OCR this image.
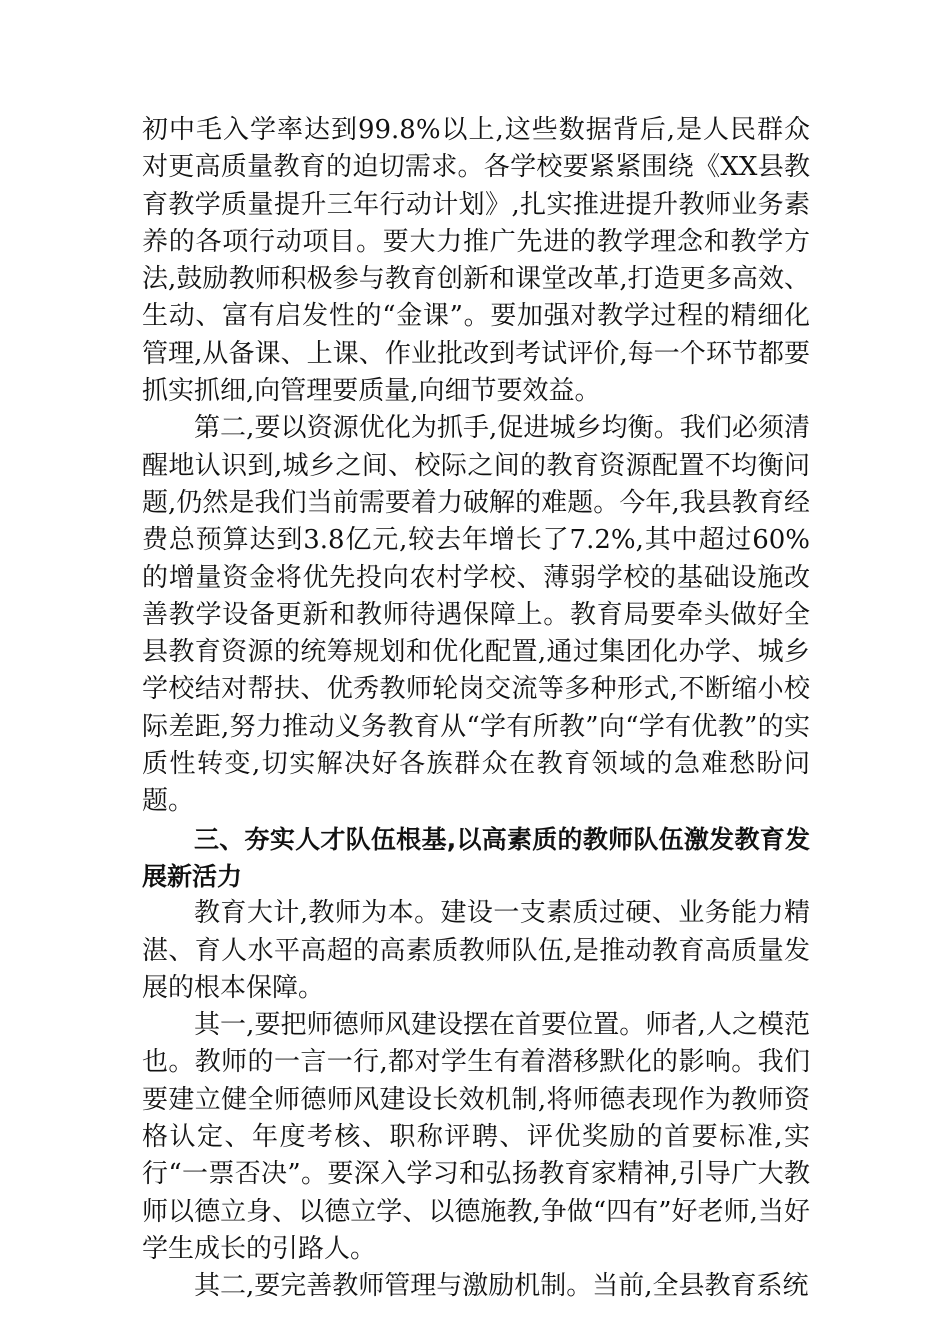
初中毛入学率达到99.8%以上,这些数据背后,是人民群众对更高质量教育的迫切需求。各学校要紧紧围绕《XX县教育教学质量提升三年行动计划》,扎实推进提升教师业务素养的各项行动项目。要大力推广先进的教学理念和教学方法,鼓励教师积极参与教育创新和课堂改革,打造更多高效、生动、富有启发性的“金课”。要加强对教学过程的精细化管理,从备课、上课、作业批改到考试评价,每一个环节都要抓实抓细,向管理要质量,向细节要效益。

第二,要以资源优化为抓手,促进城乡均衡。我们必须清醒地认识到,城乡之间、校际之间的教育资源配置不均衡问题,仍然是我们当前需要着力破解的难题。今年,我县教育经费总预算达到3.8亿元,较去年增长了7.2%,其中超过60%的增量资金将优先投向农村学校、薄弱学校的基础设施改善教学设备更新和教师待遇保障上。教育局要牵头做好全县教育资源的统筹规划和优化配置,通过集团化办学、城乡学校结对帮扶、优秀教师轮岗交流等多种形式,不断缩小校际差距,努力推动义务教育从“学有所教”向“学有优教”的实质性转变,切实解决好各族群众在教育领域的急难愁盼问题。

三、夯实人才队伍根基,以高素质的教师队伍激发教育发展新活力

教育大计,教师为本。建设一支素质过硬、业务能力精湛、育人水平高超的高素质教师队伍,是推动教育高质量发展的根本保障。

其一,要把师德师风建设摆在首要位置。师者,人之模范也。教师的一言一行,都对学生有着潜移默化的影响。我们要建立健全师德师风建设长效机制,将师德表现作为教师资格认定、年度考核、职称评聘、评优奖励的首要标准,实行“一票否决”。要深入学习和弘扬教育家精神,引导广大教师以德立身、以德立学、以德施教,争做“四有”好老师,当好学生成长的引路人。

其二,要完善教师管理与激励机制。当前,全县教育系统
